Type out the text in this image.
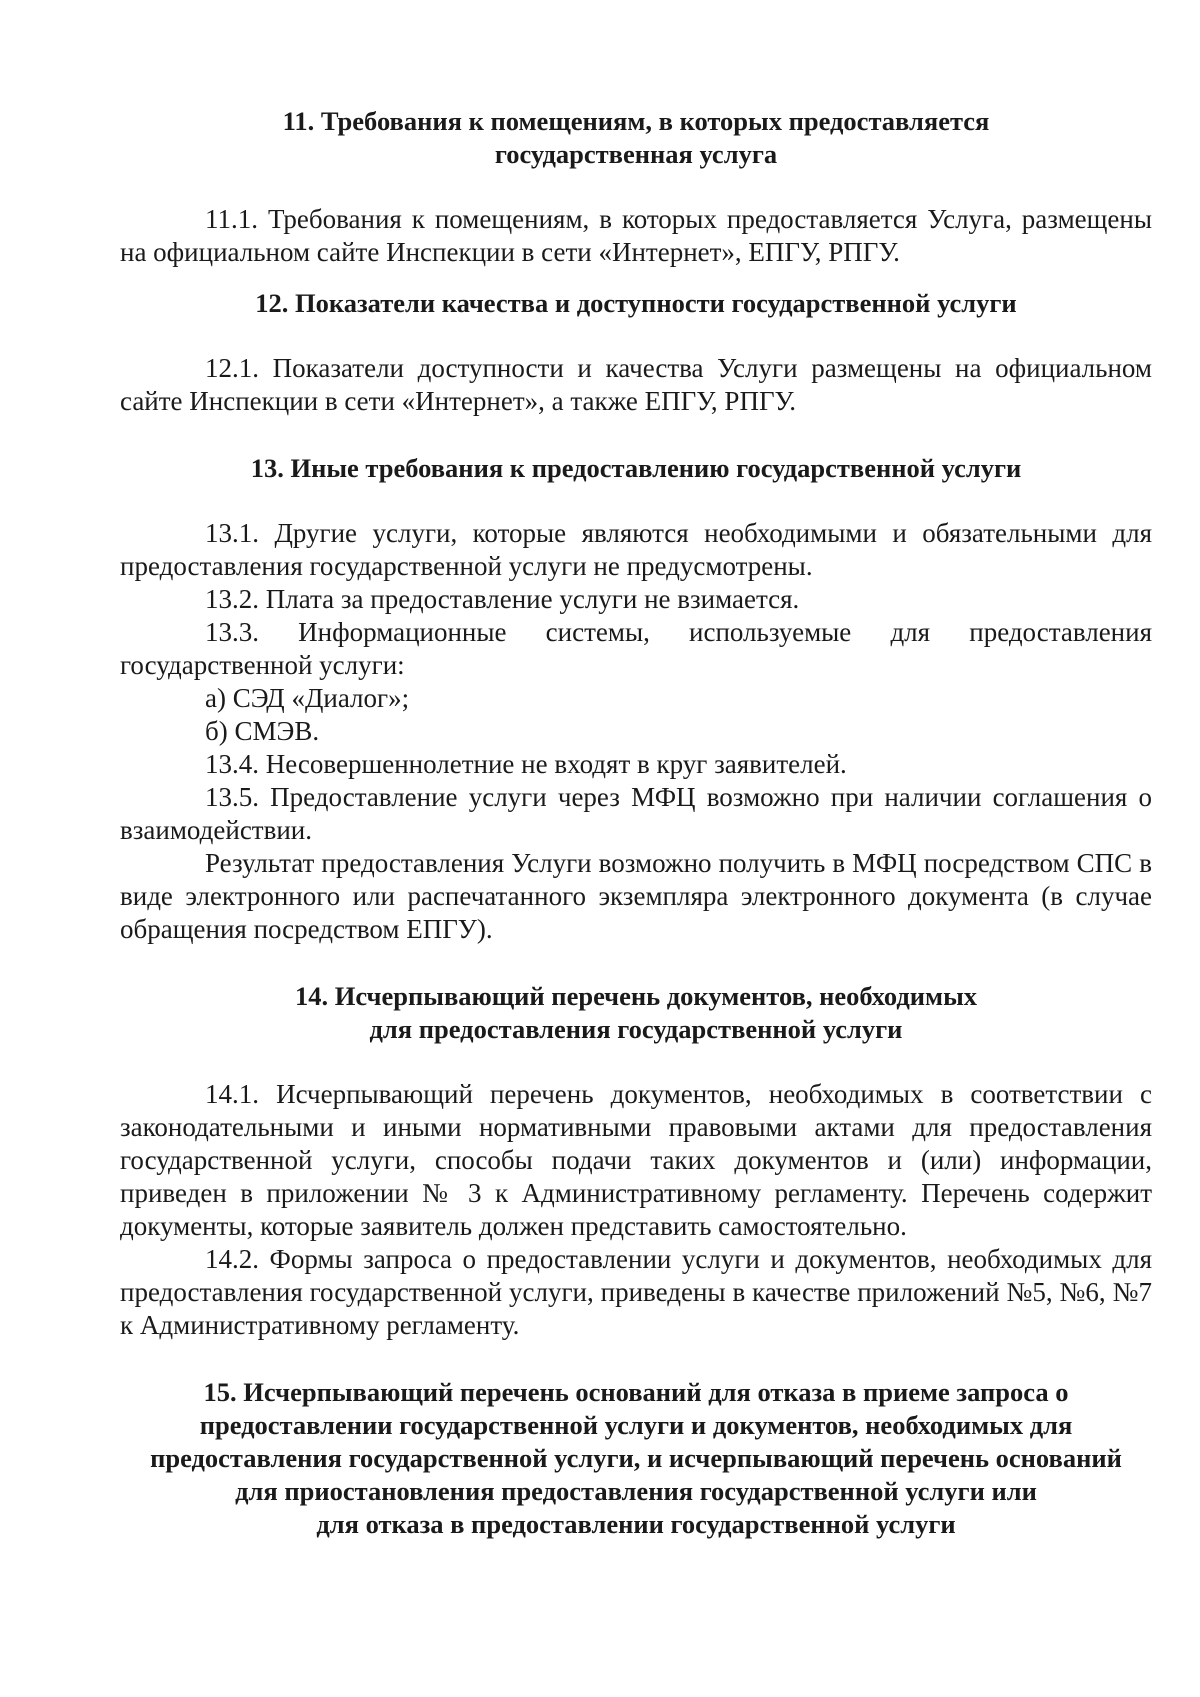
11. Требования к помещениям, в которых предоставляется
государственная услуга

11.1. Требования к помещениям, в которых предоставляется Услуга, размещены на официальном сайте Инспекции в сети «Интернет», ЕПГУ, РПГУ.

12. Показатели качества и доступности государственной услуги

12.1. Показатели доступности и качества Услуги размещены на официальном сайте Инспекции в сети «Интернет», а также ЕПГУ, РПГУ.

13. Иные требования к предоставлению государственной услуги

13.1. Другие услуги, которые являются необходимыми и обязательными для предоставления государственной услуги не предусмотрены.

13.2. Плата за предоставление услуги не взимается.

13.3. Информационные системы, используемые для предоставления государственной услуги:

а) СЭД «Диалог»;

б) СМЭВ.

13.4. Несовершеннолетние не входят в круг заявителей.

13.5. Предоставление услуги через МФЦ возможно при наличии соглашения о взаимодействии.

Результат предоставления Услуги возможно получить в МФЦ посредством СПС в виде электронного или распечатанного экземпляра электронного документа (в случае обращения посредством ЕПГУ).

14. Исчерпывающий перечень документов, необходимых
для предоставления государственной услуги

14.1. Исчерпывающий перечень документов, необходимых в соответствии с законодательными и иными нормативными правовыми актами для предоставления государственной услуги, способы подачи таких документов и (или) информации, приведен в приложении № 3 к Административному регламенту. Перечень содержит документы, которые заявитель должен представить самостоятельно.

14.2. Формы запроса о предоставлении услуги и документов, необходимых для предоставления государственной услуги, приведены в качестве приложений №5, №6, №7 к Административному регламенту.

15. Исчерпывающий перечень оснований для отказа в приеме запроса о
предоставлении государственной услуги и документов, необходимых для
предоставления государственной услуги, и исчерпывающий перечень оснований
для приостановления предоставления государственной услуги или
для отказа в предоставлении государственной услуги
